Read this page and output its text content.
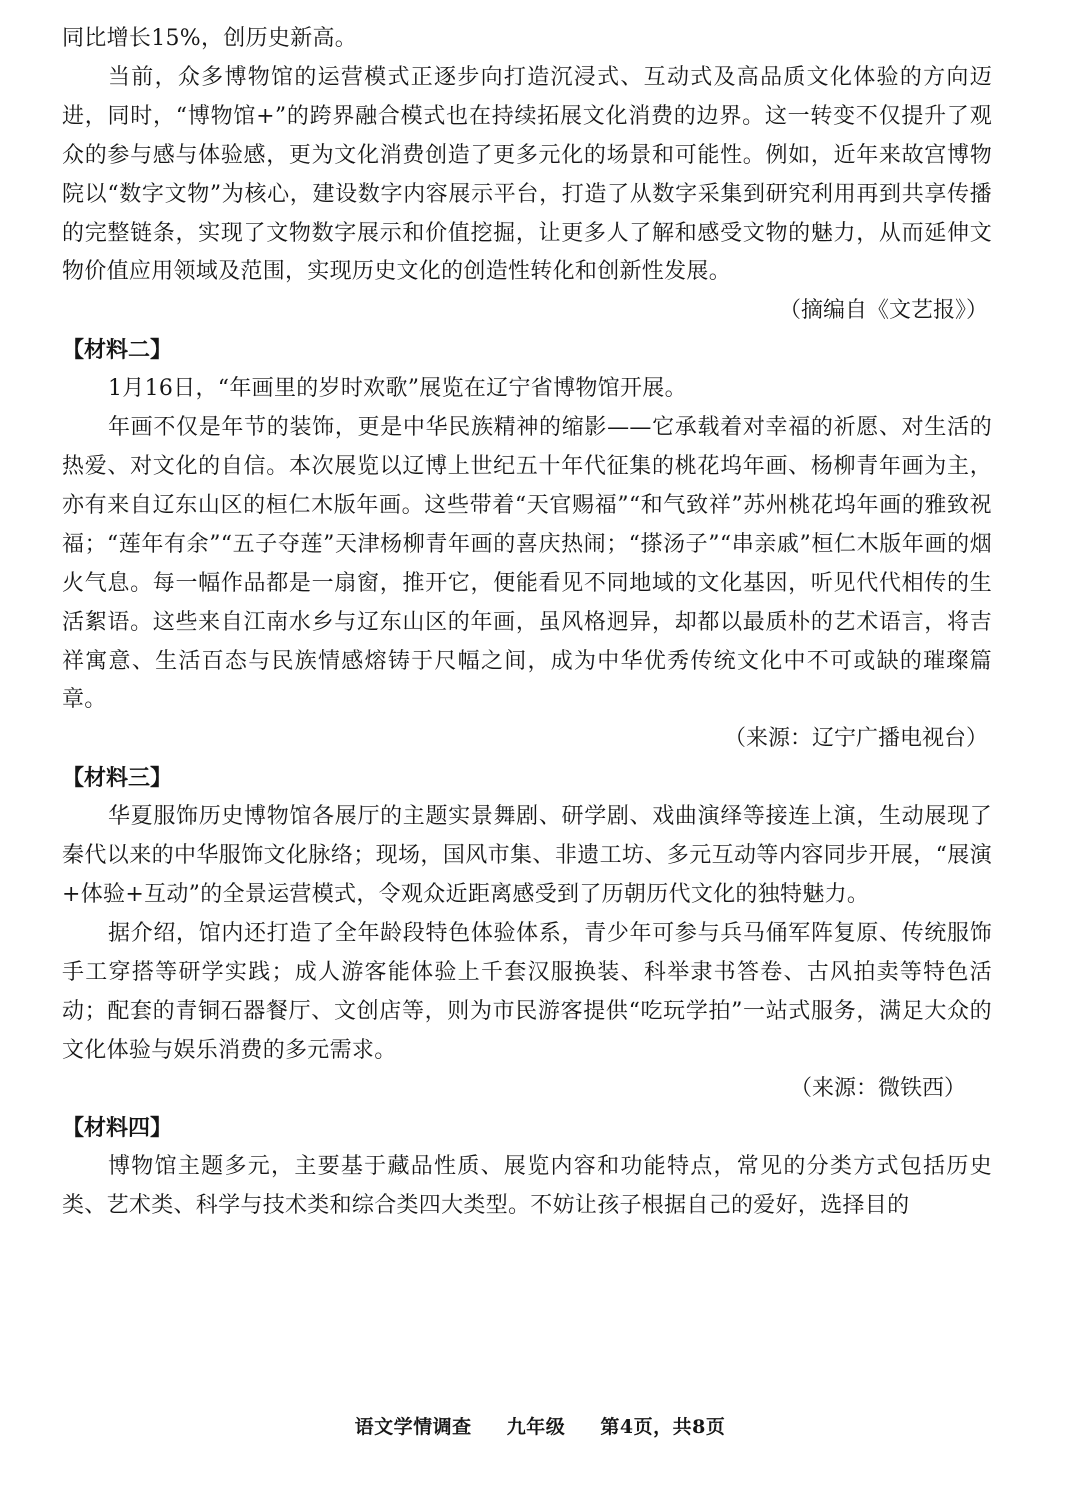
同比增长15%，创历史新高。

当前，众多博物馆的运营模式正逐步向打造沉浸式、互动式及高品质文化体验的方向迈进，同时，“博物馆+”的跨界融合模式也在持续拓展文化消费的边界。这一转变不仅提升了观众的参与感与体验感，更为文化消费创造了更多元化的场景和可能性。例如，近年来故宫博物院以“数字文物”为核心，建设数字内容展示平台，打造了从数字采集到研究利用再到共享传播的完整链条，实现了文物数字展示和价值挖掘，让更多人了解和感受文物的魅力，从而延伸文物价值应用领域及范围，实现历史文化的创造性转化和创新性发展。

（摘编自《文艺报》）

【材料二】

1月16日，“年画里的岁时欢歌”展览在辽宁省博物馆开展。

年画不仅是年节的装饰，更是中华民族精神的缩影——它承载着对幸福的祈愿、对生活的热爱、对文化的自信。本次展览以辽博上世纪五十年代征集的桃花坞年画、杨柳青年画为主，亦有来自辽东山区的桓仁木版年画。这些带着“天官赐福”“和气致祥”苏州桃花坞年画的雅致祝福；“莲年有余”“五子夺莲”天津杨柳青年画的喜庆热闹；“搽汤子”“串亲戚”桓仁木版年画的烟火气息。每一幅作品都是一扇窗，推开它，便能看见不同地域的文化基因，听见代代相传的生活絮语。这些来自江南水乡与辽东山区的年画，虽风格迥异，却都以最质朴的艺术语言，将吉祥寓意、生活百态与民族情感熔铸于尺幅之间，成为中华优秀传统文化中不可或缺的璀璨篇章。

（来源：辽宁广播电视台）

【材料三】

华夏服饰历史博物馆各展厅的主题实景舞剧、研学剧、戏曲演绎等接连上演，生动展现了秦代以来的中华服饰文化脉络；现场，国风市集、非遗工坊、多元互动等内容同步开展，“展演+体验+互动”的全景运营模式，令观众近距离感受到了历朝历代文化的独特魅力。

据介绍，馆内还打造了全年龄段特色体验体系，青少年可参与兵马俑军阵复原、传统服饰手工穿搭等研学实践；成人游客能体验上千套汉服换装、科举隶书答卷、古风拍卖等特色活动；配套的青铜石器餐厅、文创店等，则为市民游客提供“吃玩学拍”一站式服务，满足大众的文化体验与娱乐消费的多元需求。

（来源：微铁西）

【材料四】

博物馆主题多元，主要基于藏品性质、展览内容和功能特点，常见的分类方式包括历史类、艺术类、科学与技术类和综合类四大类型。不妨让孩子根据自己的爱好，选择目的

语文学情调查 九年级 第4页，共8页
